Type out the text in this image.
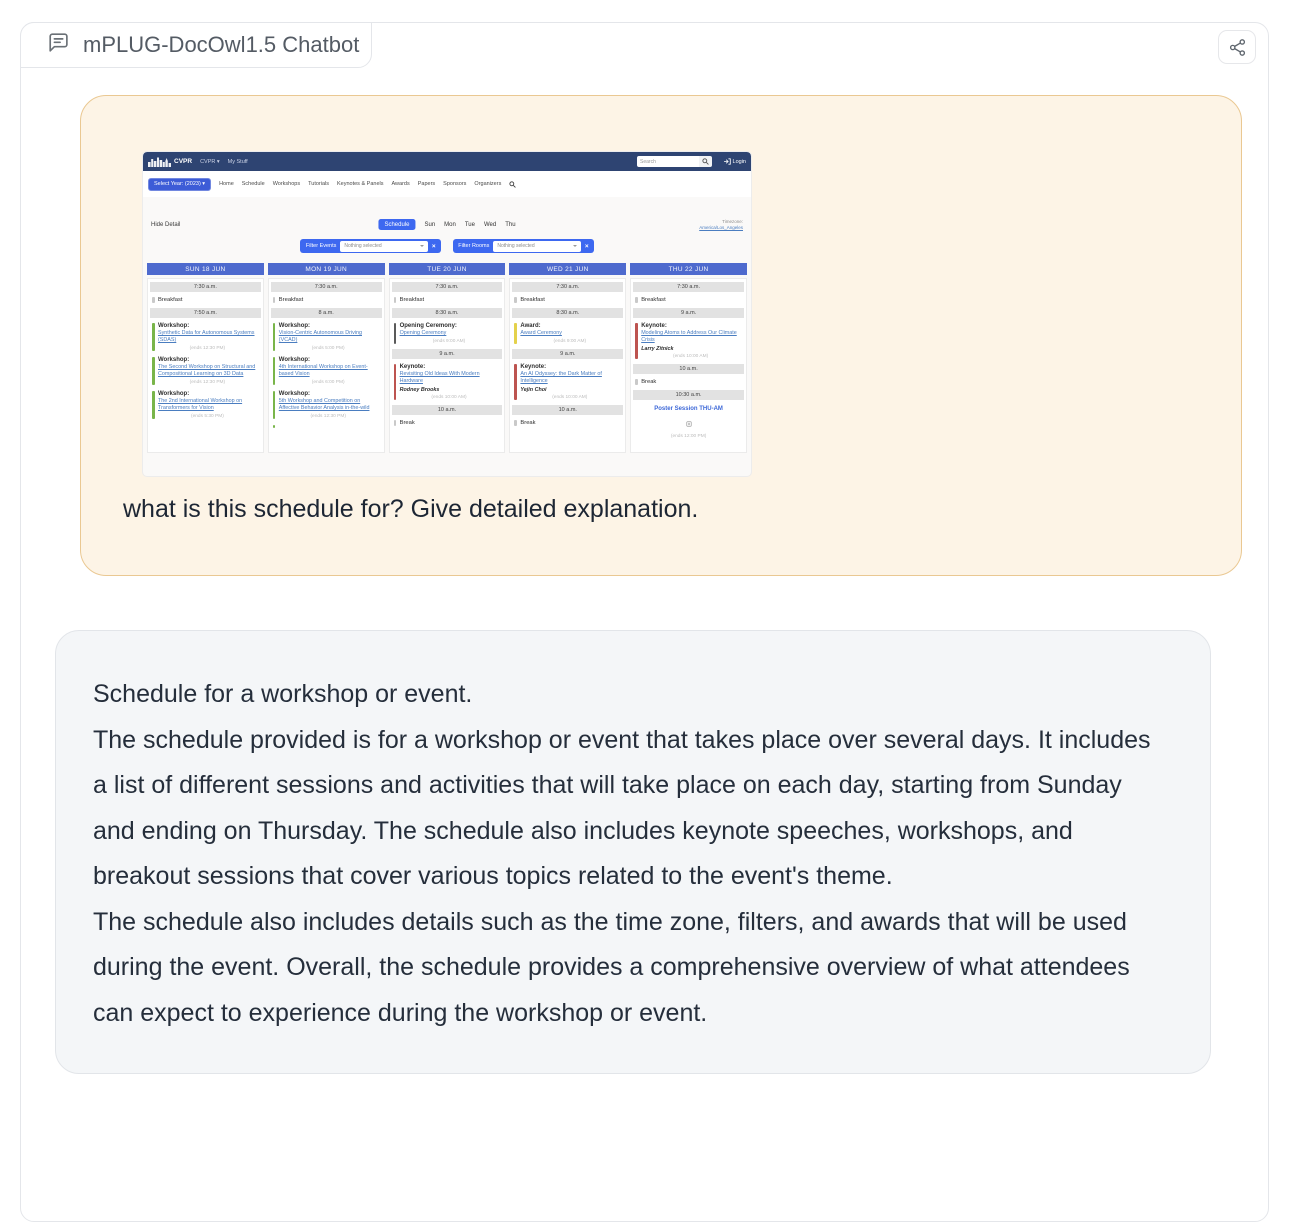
mPLUG-DocOwl1.5 Chatbot
CVPR CVPR ▾ My Stuff
Search	Login
Select Year: (2023) ▾	Home Schedule Workshops Tutorials Keynotes & Panels Awards Papers Sponsors Organizers
Hide Detail	Schedule	Sun Mon Tue Wed Thu	Timezone:
America/Los_Angeles
Filter Events	Nothing selected	×	Filter Rooms	Nothing selected	×
SUN 18 JUN
7:30 a.m.
Breakfast
7:50 a.m.
Workshop:
Synthetic Data for Autonomous Systems (SDAS)
(ends 12:30 PM)
Workshop:
The Second Workshop on Structural and Compositional Learning on 3D Data
(ends 12:30 PM)
Workshop:
The 2nd International Workshop on Transformers for Vision
(ends 5:30 PM)
MON 19 JUN
7:30 a.m.
Breakfast
8 a.m.
Workshop:
Vision-Centric Autonomous Driving (VCAD)
(ends 5:00 PM)
Workshop:
4th International Workshop on Event-based Vision
(ends 6:00 PM)
Workshop:
5th Workshop and Competition on Affective Behavior Analysis in-the-wild
(ends 12:30 PM)
TUE 20 JUN
7:30 a.m.
Breakfast
8:30 a.m.
Opening Ceremony:
Opening Ceremony
(ends 9:00 AM)
9 a.m.
Keynote:
Revisiting Old Ideas With Modern Hardware
Rodney Brooks
(ends 10:00 AM)
10 a.m.
Break
WED 21 JUN
7:30 a.m.
Breakfast
8:30 a.m.
Award:
Award Ceremony
(ends 9:00 AM)
9 a.m.
Keynote:
An AI Odyssey: the Dark Matter of Intelligence
Yejin Choi
(ends 10:00 AM)
10 a.m.
Break
THU 22 JUN
7:30 a.m.
Breakfast
9 a.m.
Keynote:
Modeling Atoms to Address Our Climate Crisis
Larry Zitnick
(ends 10:00 AM)
10 a.m.
Break
10:30 a.m.
Poster Session THU-AM
(ends 12:00 PM)
what is this schedule for? Give detailed explanation.

Schedule for a workshop or event.

The schedule provided is for a workshop or event that takes place over several days. It includes a list of different sessions and activities that will take place on each day, starting from Sunday and ending on Thursday. The schedule also includes keynote speeches, workshops, and breakout sessions that cover various topics related to the event's theme.

The schedule also includes details such as the time zone, filters, and awards that will be used during the event. Overall, the schedule provides a comprehensive overview of what attendees can expect to experience during the workshop or event.
